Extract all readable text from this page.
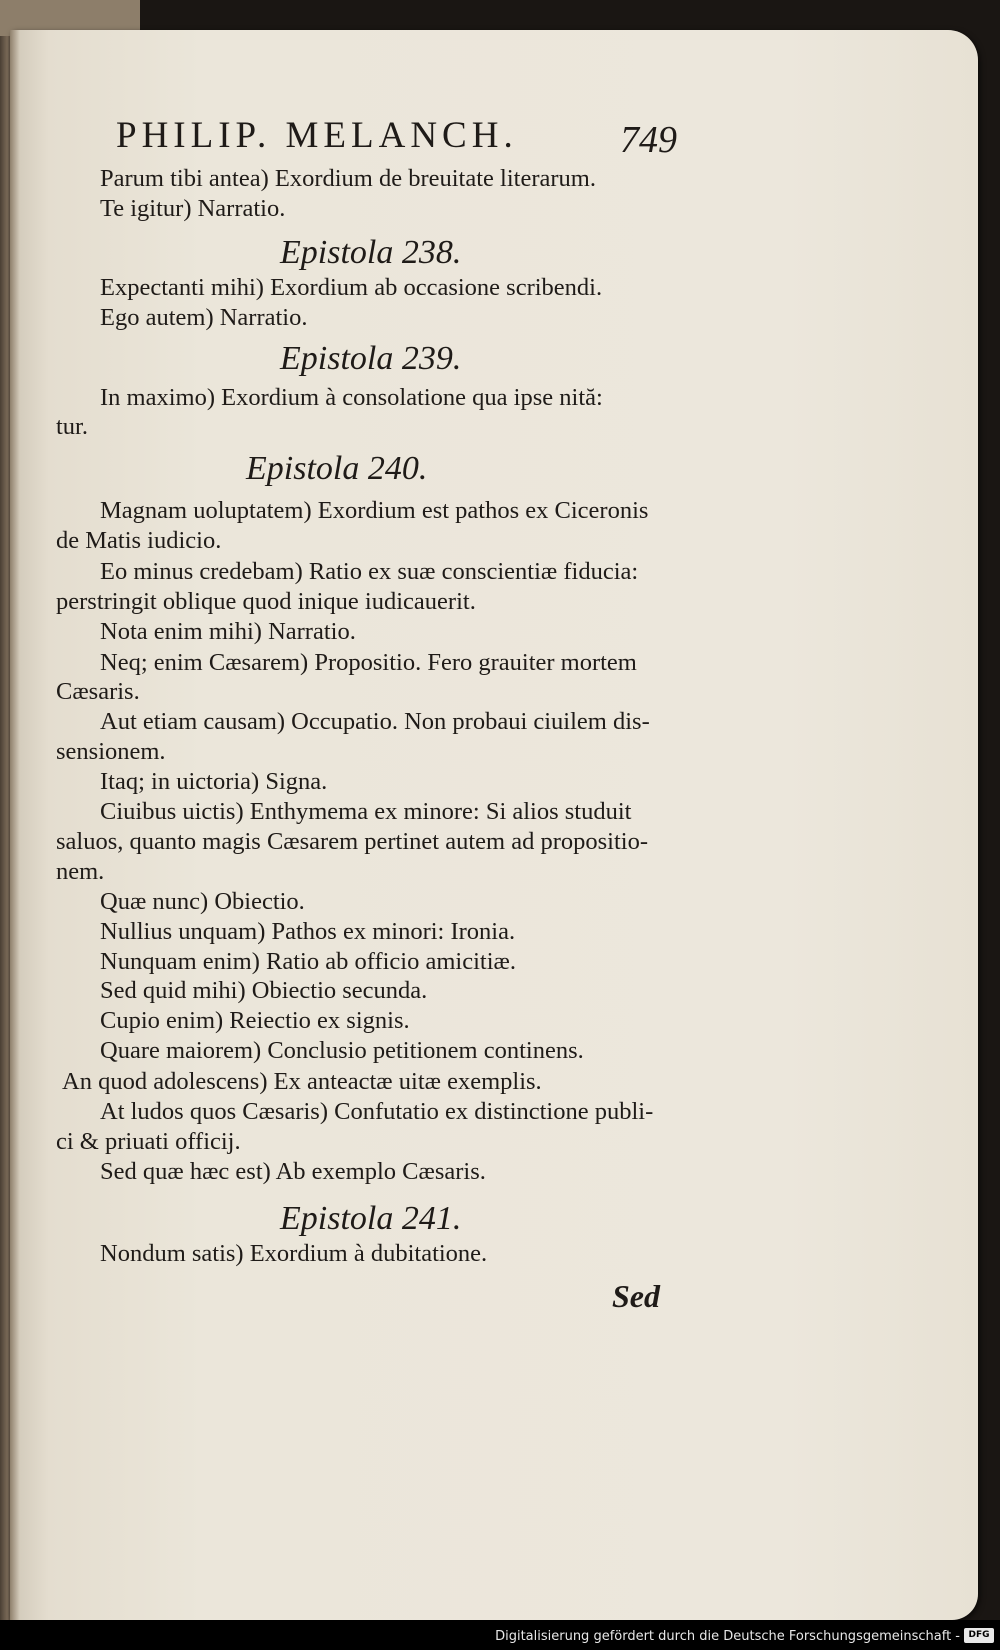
PHILIP. MELANCH.	749
Parum tibi antea) Exordium de breuitate literarum.
Te igitur) Narratio.
Epistola 238.
Expectanti mihi) Exordium ab occasione scribendi.
Ego autem) Narratio.
Epistola 239.
In maximo) Exordium à consolatione qua ipse nită:
tur.
Epistola 240.
Magnam uoluptatem) Exordium est pathos ex Ciceronis
de Matis iudicio.
Eo minus credebam) Ratio ex suæ conscientiæ fiducia:
perstringit oblique quod inique iudicauerit.
Nota enim mihi) Narratio.
Neq; enim Cæsarem) Propositio. Fero grauiter mortem
Cæsaris.
Aut etiam causam) Occupatio. Non probaui ciuilem dis-
sensionem.
Itaq; in uictoria) Signa.
Ciuibus uictis) Enthymema ex minore: Si alios studuit
saluos, quanto magis Cæsarem pertinet autem ad propositio-
nem.
Quæ nunc) Obiectio.
Nullius unquam) Pathos ex minori: Ironia.
Nunquam enim) Ratio ab officio amicitiæ.
Sed quid mihi) Obiectio secunda.
Cupio enim) Reiectio ex signis.
Quare maiorem) Conclusio petitionem continens.
An quod adolescens) Ex anteactæ uitæ exemplis.
At ludos quos Cæsaris) Confutatio ex distinctione publi-
ci & priuati officij.
Sed quæ hæc est) Ab exemplo Cæsaris.
Epistola 241.
Nondum satis) Exordium à dubitatione.
Sed
Digitalisierung gefördert durch die Deutsche Forschungsgemeinschaft - DFG
